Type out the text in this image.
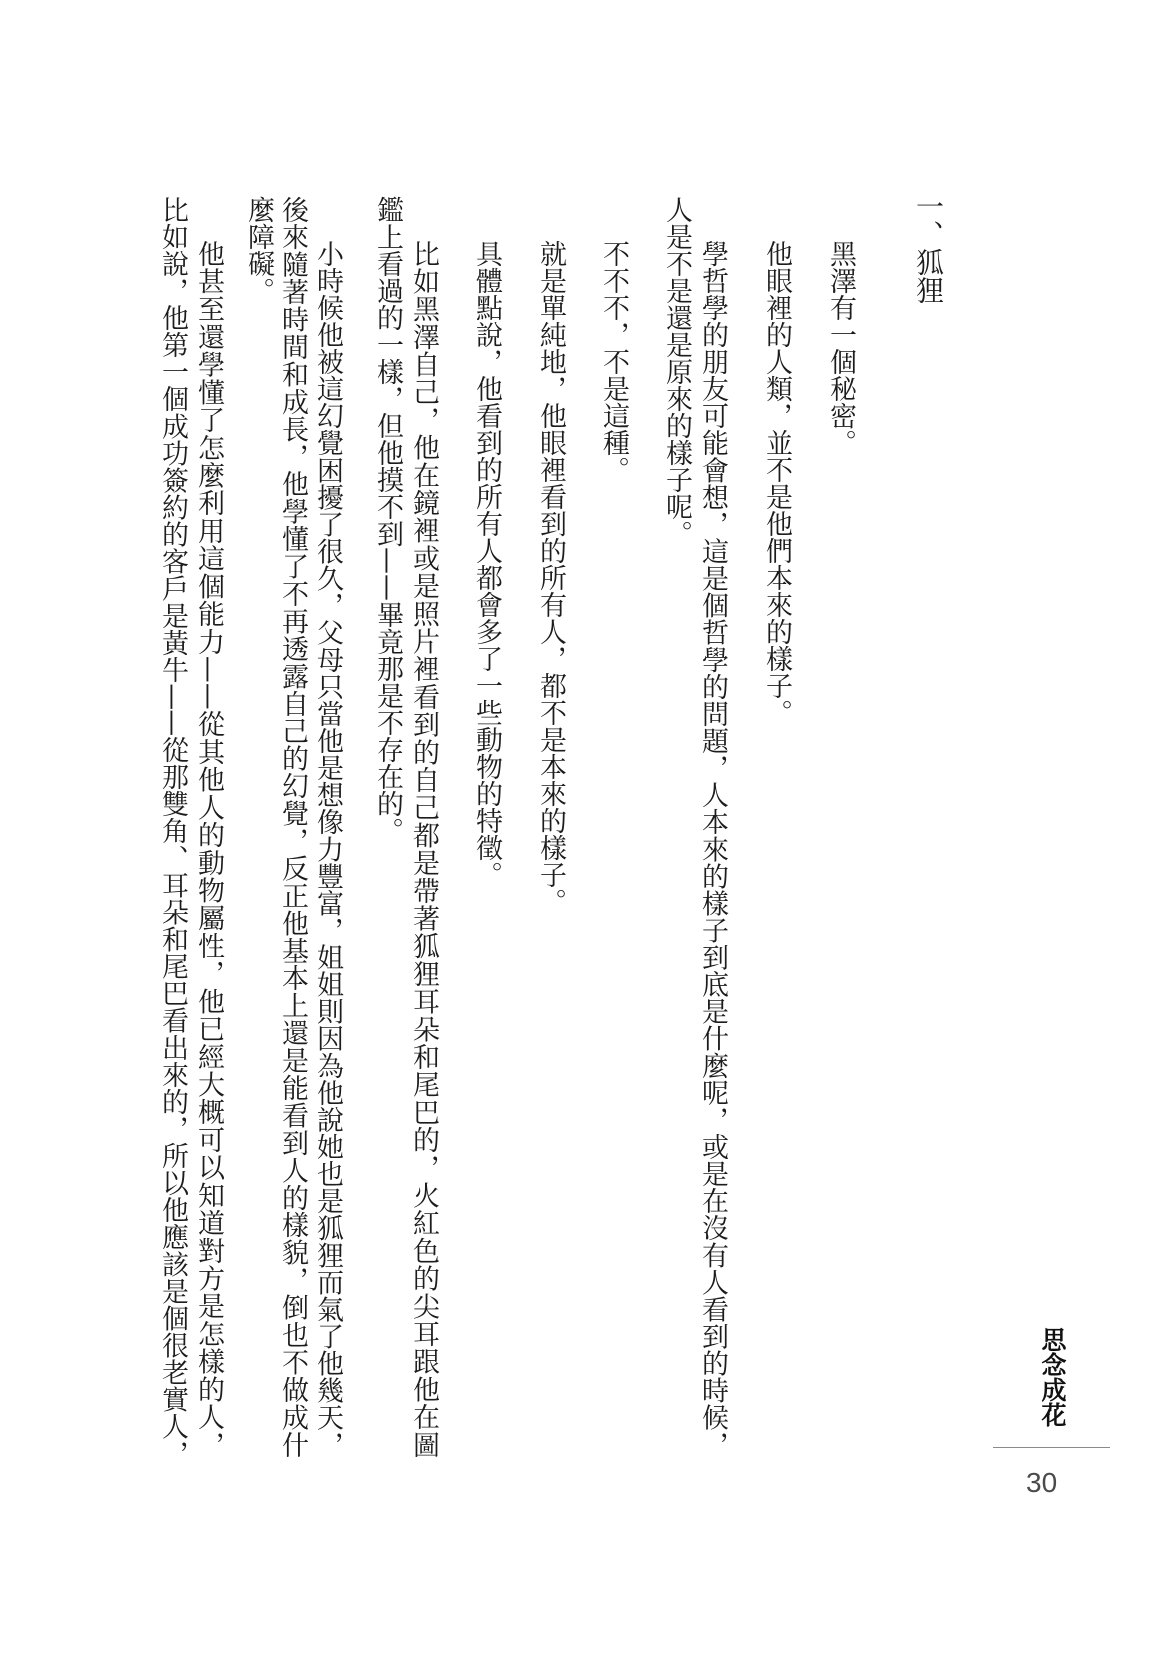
一、狐狸
黑澤有一個秘密。
他眼裡的人類，並不是他們本來的樣子。
學哲學的朋友可能會想，這是個哲學的問題，人本來的樣子到底是什麼呢，或是在沒有人看到的時候，
人是不是還是原來的樣子呢。
不不不，不是這種。
就是單純地，他眼裡看到的所有人，都不是本來的樣子。
具體點說，他看到的所有人都會多了一些動物的特徵。
比如黑澤自己，他在鏡裡或是照片裡看到的自己都是帶著狐狸耳朵和尾巴的，火紅色的尖耳跟他在圖
鑑上看過的一樣，但他摸不到——畢竟那是不存在的。
小時候他被這幻覺困擾了很久，父母只當他是想像力豐富，姐姐則因為他說她也是狐狸而氣了他幾天，
後來隨著時間和成長，他學懂了不再透露自己的幻覺，反正他基本上還是能看到人的樣貌，倒也不做成什
麼障礙。
他甚至還學懂了怎麼利用這個能力——從其他人的動物屬性，他已經大概可以知道對方是怎樣的人，
比如說，他第一個成功簽約的客戶是黃牛——從那雙角、耳朵和尾巴看出來的，所以他應該是個很老實人，	思念成花
30
